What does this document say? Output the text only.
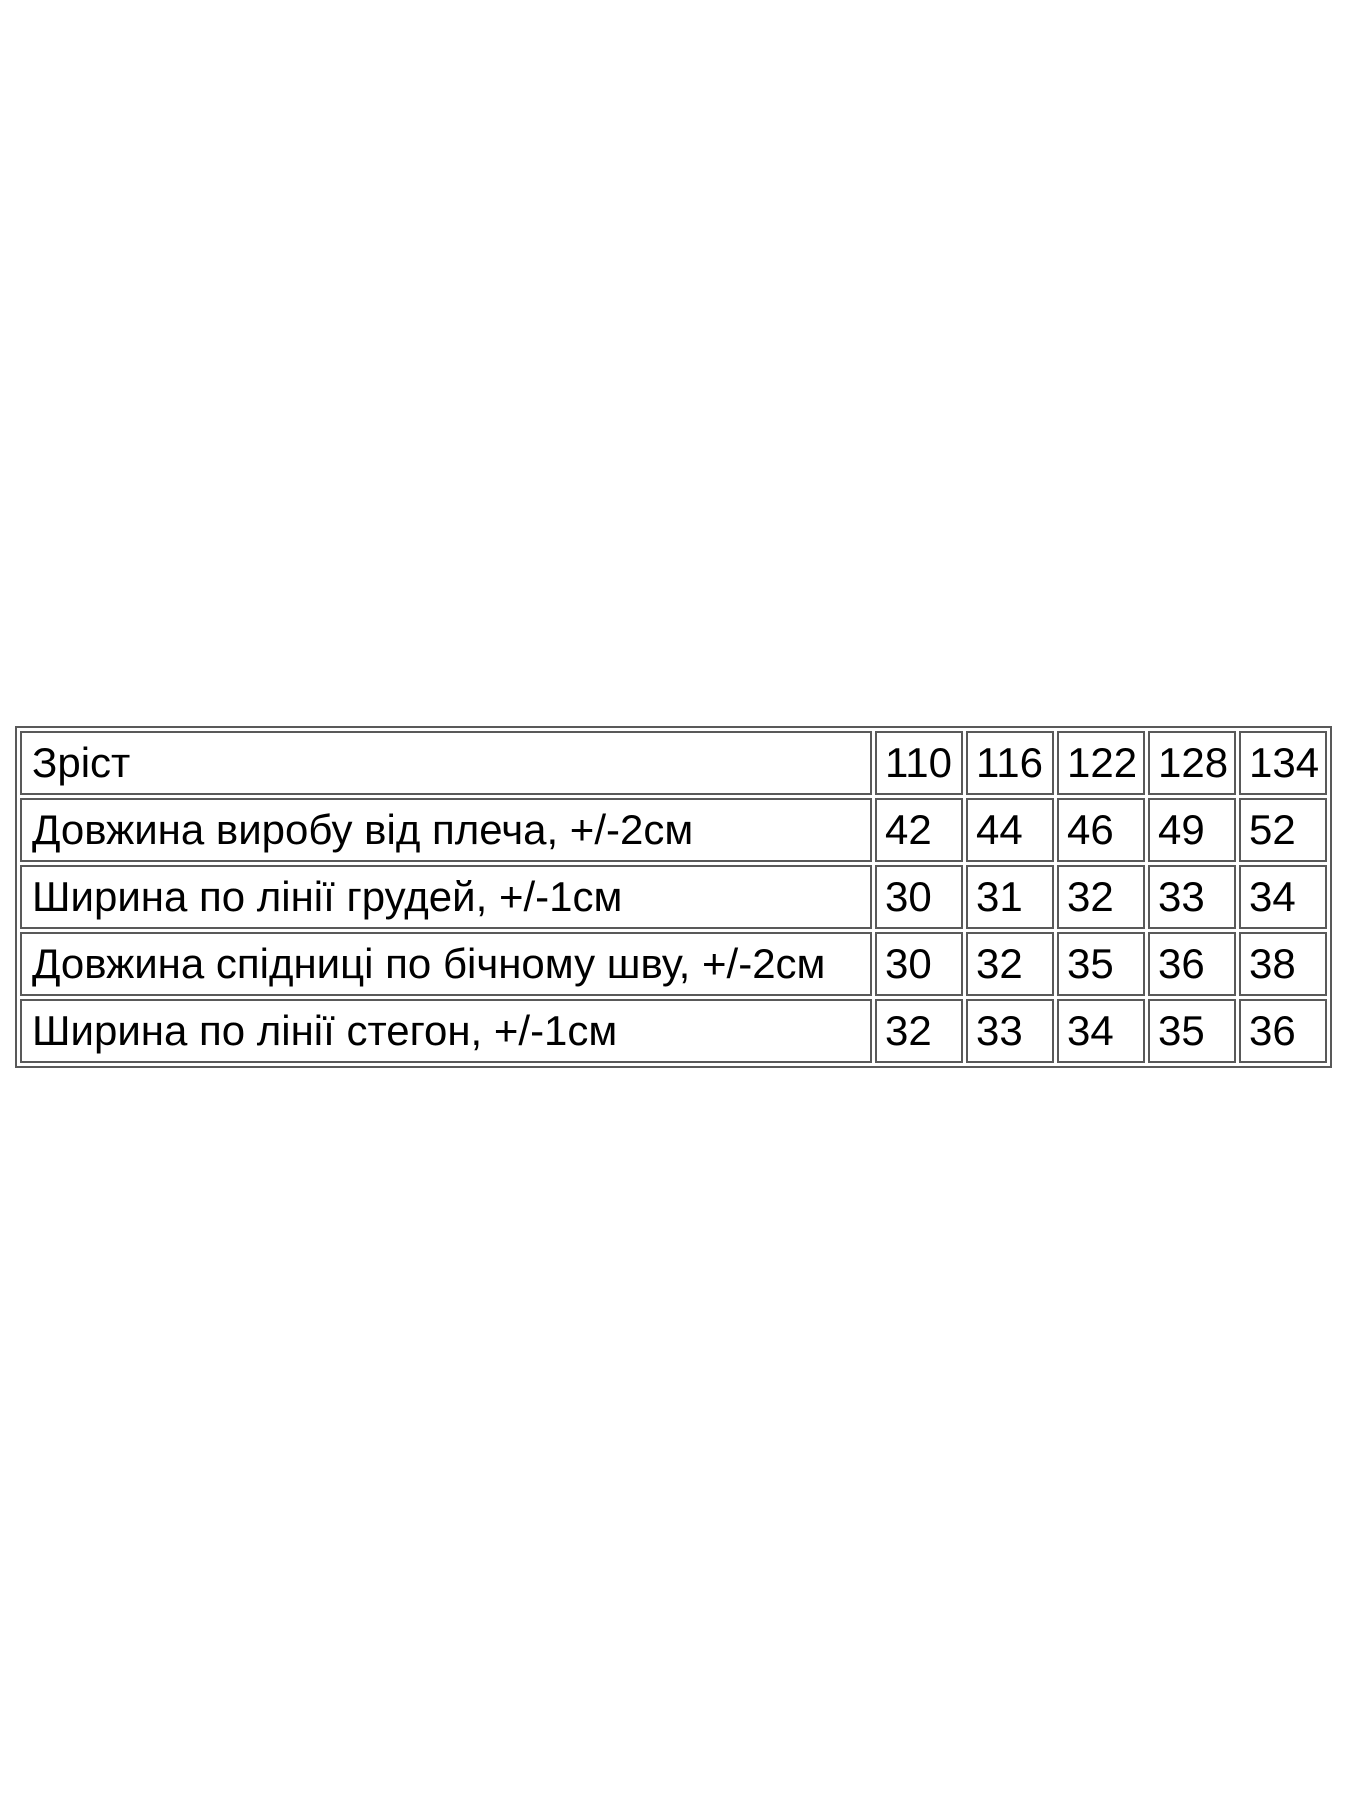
Зріст	110	116	122	128	134
Довжина виробу від плеча, +/-2см	42	44	46	49	52
Ширина по лінії грудей, +/-1см	30	31	32	33	34
Довжина спідниці по бічному шву, +/-2см	30	32	35	36	38
Ширина по лінії стегон, +/-1см	32	33	34	35	36
